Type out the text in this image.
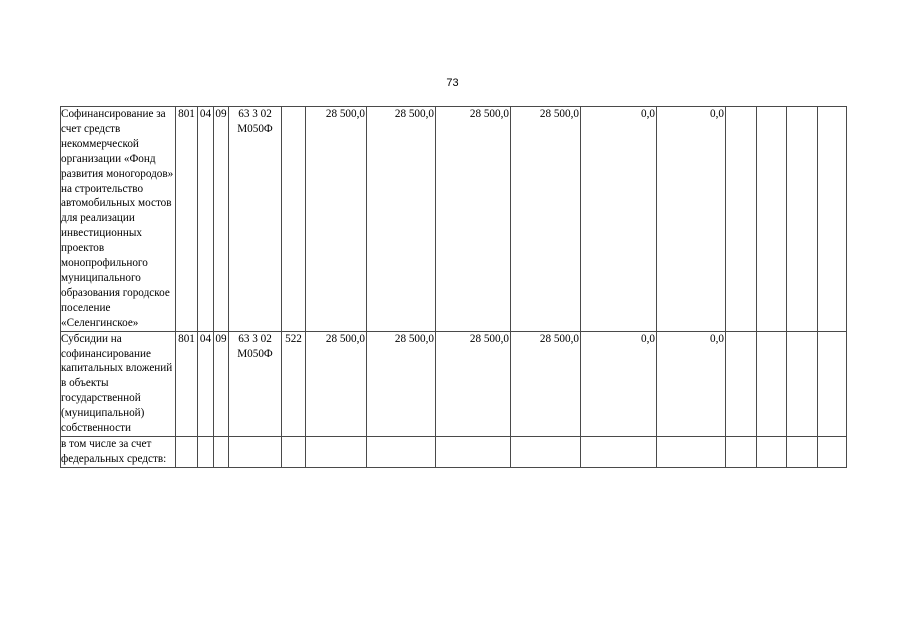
73
Софинансирование за счет средств некоммерческой организации «Фонд развития моногородов» на строительство автомобильных мостов для реализации инвестиционных проектов монопрофильного муниципального образования городское поселение «Селенгинское»	801	04	09	63 3 02 М050Ф		28 500,0	28 500,0	28 500,0	28 500,0	0,0	0,0				
Субсидии на софинансирование капитальных вложений в объекты государственной (муниципальной) собственности	801	04	09	63 3 02 М050Ф	522	28 500,0	28 500,0	28 500,0	28 500,0	0,0	0,0				
в том числе за счет федеральных средств:															
